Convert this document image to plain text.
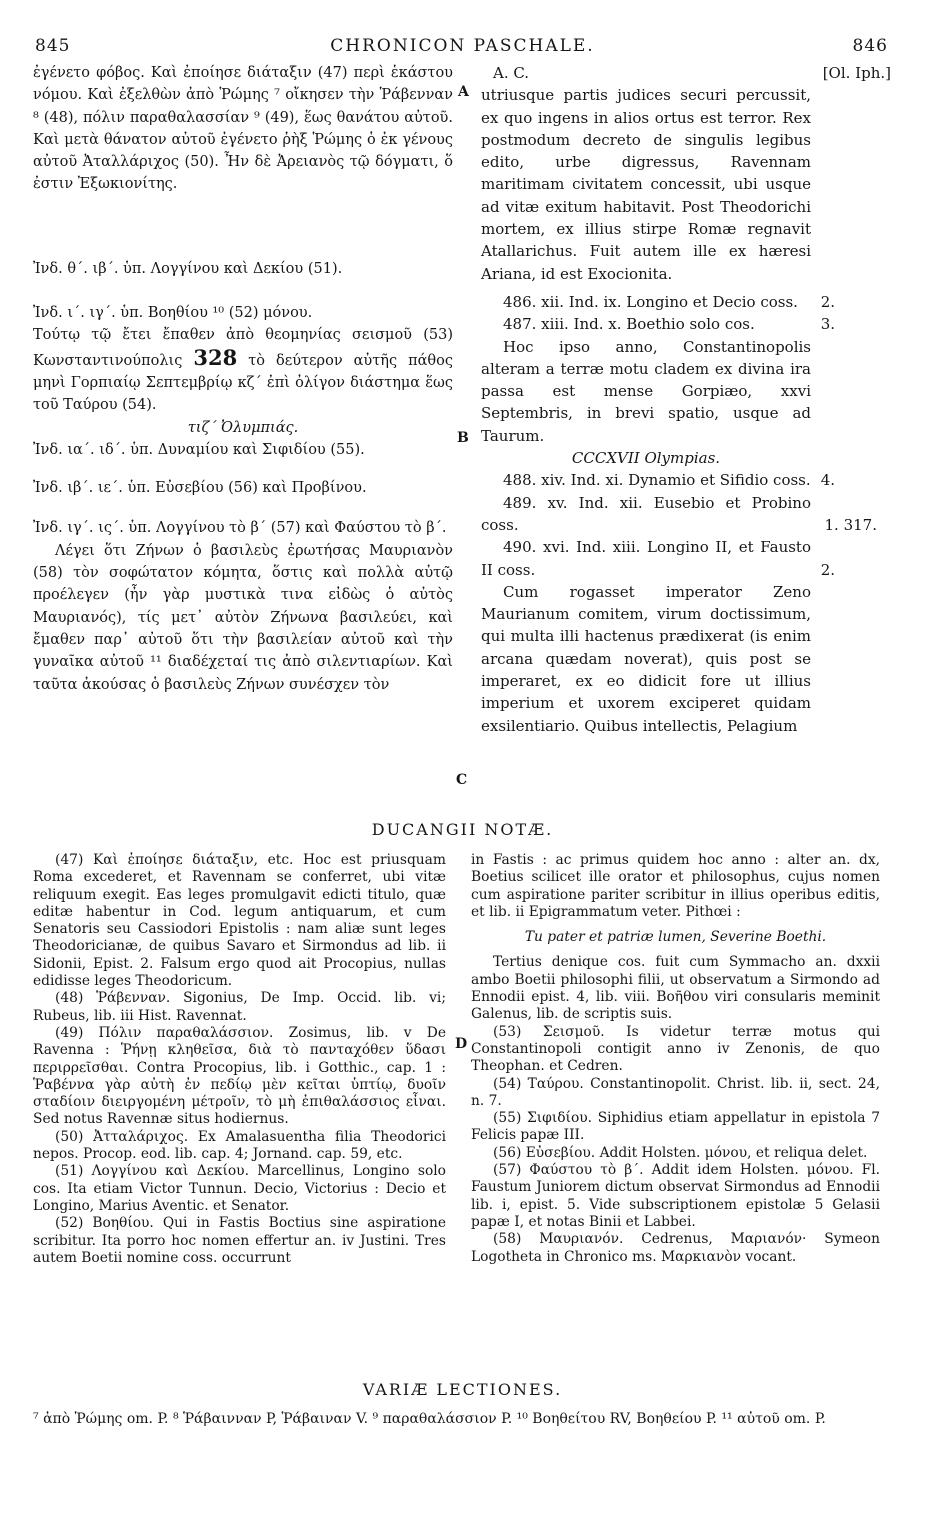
845	CHRONICON PASCHALE.	846
ἐγένετο φόβος. Καὶ ἐποίησε διάταξιν (47) περὶ ἑκάστου νόμου. Καὶ ἐξελθὼν ἀπὸ Ῥώμης ⁷ οἴκησεν τὴν Ῥάβενναν ⁸ (48), πόλιν παραθαλασσίαν ⁹ (49), ἕως θανάτου αὐτοῦ. Καὶ μετὰ θάνατον αὐτοῦ ἐγένετο ῥὴξ Ῥώμης ὁ ἐκ γένους αὐτοῦ Ἀταλλάριχος (50). Ἦν δὲ Ἀρειανὸς τῷ δόγματι, ὅ ἐστιν Ἐξωκιονίτης.
Ἰνδ. θ΄. ιβ΄. ὑπ. Λογγίνου καὶ Δεκίου (51).
Ἰνδ. ι΄. ιγ΄. ὑπ. Βοηθίου ¹⁰ (52) μόνου.
Τούτῳ τῷ ἔτει ἔπαθεν ἀπὸ θεομηνίας σεισμοῦ (53) Κωνσταντινούπολις 328 τὸ δεύτερον αὐτῆς πάθος μηνὶ Γορπιαίῳ Σεπτεμβρίῳ κζ΄ ἐπὶ ὀλίγον διάστημα ἕως τοῦ Ταύρου (54).
τιζ΄ Ὀλυμπιάς.
Ἰνδ. ια΄. ιδ΄. ὑπ. Δυναμίου καὶ Σιφιδίου (55).
Ἰνδ. ιβ΄. ιε΄. ὑπ. Εὐσεβίου (56) καὶ Προβίνου.
Ἰνδ. ιγ΄. ις΄. ὑπ. Λογγίνου τὸ β΄ (57) καὶ Φαύστου τὸ β΄.
Λέγει ὅτι Ζήνων ὁ βασιλεὺς ἐρωτήσας Μαυριανὸν (58) τὸν σοφώτατον κόμητα, ὅστις καὶ πολλὰ αὐτῷ προέλεγεν (ἦν γὰρ μυστικὰ τινα εἰδὼς ὁ αὐτὸς Μαυριανός), τίς μετ᾽ αὐτὸν Ζήνωνα βασιλεύει, καὶ ἔμαθεν παρ᾽ αὐτοῦ ὅτι τὴν βασιλείαν αὐτοῦ καὶ τὴν γυναῖκα αὐτοῦ ¹¹ διαδέχεταί τις ἀπὸ σιλεντιαρίων. Καὶ ταῦτα ἀκούσας ὁ βασιλεὺς Ζήνων συνέσχεν τὸν
A
B
C
D
A. C.	[Ol. Iph.]
utriusque partis judices securi percussit, ex quo ingens in alios ortus est terror. Rex postmodum decreto de singulis legibus edito, urbe digressus, Ravennam maritimam civitatem concessit, ubi usque ad vitæ exitum habitavit. Post Theodorichi mortem, ex illius stirpe Romæ regnavit Atallarichus. Fuit autem ille ex hæresi Ariana, id est Exocionita.
486. xii. Ind. ix. Longino et Decio coss.	2.
487. xiii. Ind. x. Boethio solo cos.	3.
Hoc ipso anno, Constantinopolis alteram a terræ motu cladem ex divina ira passa est mense Gorpiæo, xxvi Septembris, in brevi spatio, usque ad Taurum.
CCCXVII Olympias.
488. xiv. Ind. xi. Dynamio et Sifidio coss. 4.
489. xv. Ind. xii. Eusebio et Probino coss.	1. 317.
490. xvi. Ind. xiii. Longino II, et Fausto II coss.	2.
Cum rogasset imperator Zeno Maurianum comitem, virum doctissimum, qui multa illi hactenus prædixerat (is enim arcana quædam noverat), quis post se imperaret, ex eo didicit fore ut illius imperium et uxorem exciperet quidam exsilentiario. Quibus intellectis, Pelagium
DUCANGII NOTÆ.

(47) Καὶ ἐποίησε διάταξιν, etc. Hoc est priusquam Roma excederet, et Ravennam se conferret, ubi vitæ reliquum exegit. Eas leges promulgavit edicti titulo, quæ editæ habentur in Cod. legum antiquarum, et cum Senatoris seu Cassiodori Epistolis : nam aliæ sunt leges Theodoricianæ, de quibus Savaro et Sirmondus ad lib. ii Sidonii, Epist. 2. Falsum ergo quod ait Procopius, nullas edidisse leges Theodoricum.

(48) Ῥάβενναν. Sigonius, De Imp. Occid. lib. vi; Rubeus, lib. iii Hist. Ravennat.

(49) Πόλιν παραθαλάσσιον. Zosimus, lib. v De Ravenna : Ῥήνῃ κληθεῖσα, διὰ τὸ πανταχόθεν ὕδασι περιρρεῖσθαι. Contra Procopius, lib. i Gotthic., cap. 1 : Ῥαβέννα γὰρ αὐτὴ ἐν πεδίῳ μὲν κεῖται ὑπτίῳ, δυοῖν σταδίοιν διειργομένη μέτροῖν, τὸ μὴ ἐπιθαλάσσιος εἶναι. Sed notus Ravennæ situs hodiernus.

(50) Ἀτταλάριχος. Ex Amalasuentha filia Theodorici nepos. Procop. eod. lib. cap. 4; Jornand. cap. 59, etc.

(51) Λογγίνου καὶ Δεκίου. Marcellinus, Longino solo cos. Ita etiam Victor Tunnun. Decio, Victorius : Decio et Longino, Marius Aventic. et Senator.

(52) Βοηθίου. Qui in Fastis Boctius sine aspiratione scribitur. Ita porro hoc nomen effertur an. iv Justini. Tres autem Boetii nomine coss. occurrunt

in Fastis : ac primus quidem hoc anno : alter an. dx, Boetius scilicet ille orator et philosophus, cujus nomen cum aspiratione pariter scribitur in illius operibus editis, et lib. ii Epigrammatum veter. Pithœi :

Tu pater et patriæ lumen, Severine Boethi.

Tertius denique cos. fuit cum Symmacho an. dxxii ambo Boetii philosophi filii, ut observatum a Sirmondo ad Ennodii epist. 4, lib. viii. Βοῆθου viri consularis meminit Galenus, lib. de scriptis suis.

(53) Σεισμοῦ. Is videtur terræ motus qui Constantinopoli contigit anno iv Zenonis, de quo Theophan. et Cedren.

(54) Ταύρου. Constantinopolit. Christ. lib. ii, sect. 24, n. 7.

(55) Σιφιδίου. Siphidius etiam appellatur in epistola 7 Felicis papæ III.

(56) Εὐσεβίου. Addit Holsten. μόνου, et reliqua delet.

(57) Φαύστου τὸ β΄. Addit idem Holsten. μόνου. Fl. Faustum Juniorem dictum observat Sirmondus ad Ennodii lib. i, epist. 5. Vide subscriptionem epistolæ 5 Gelasii papæ I, et notas Binii et Labbei.

(58) Μαυριανόν. Cedrenus, Μαριανόν· Symeon Logotheta in Chronico ms. Μαρκιανὸν vocant.

VARIÆ LECTIONES.
⁷ ἀπὸ Ῥώμης om. P. ⁸ Ῥάβαινναν P, Ῥάβαιναν V. ⁹ παραθαλάσσιον P. ¹⁰ Βοηθείτου RV, Βοηθείου P. ¹¹ αὐτοῦ om. P.
